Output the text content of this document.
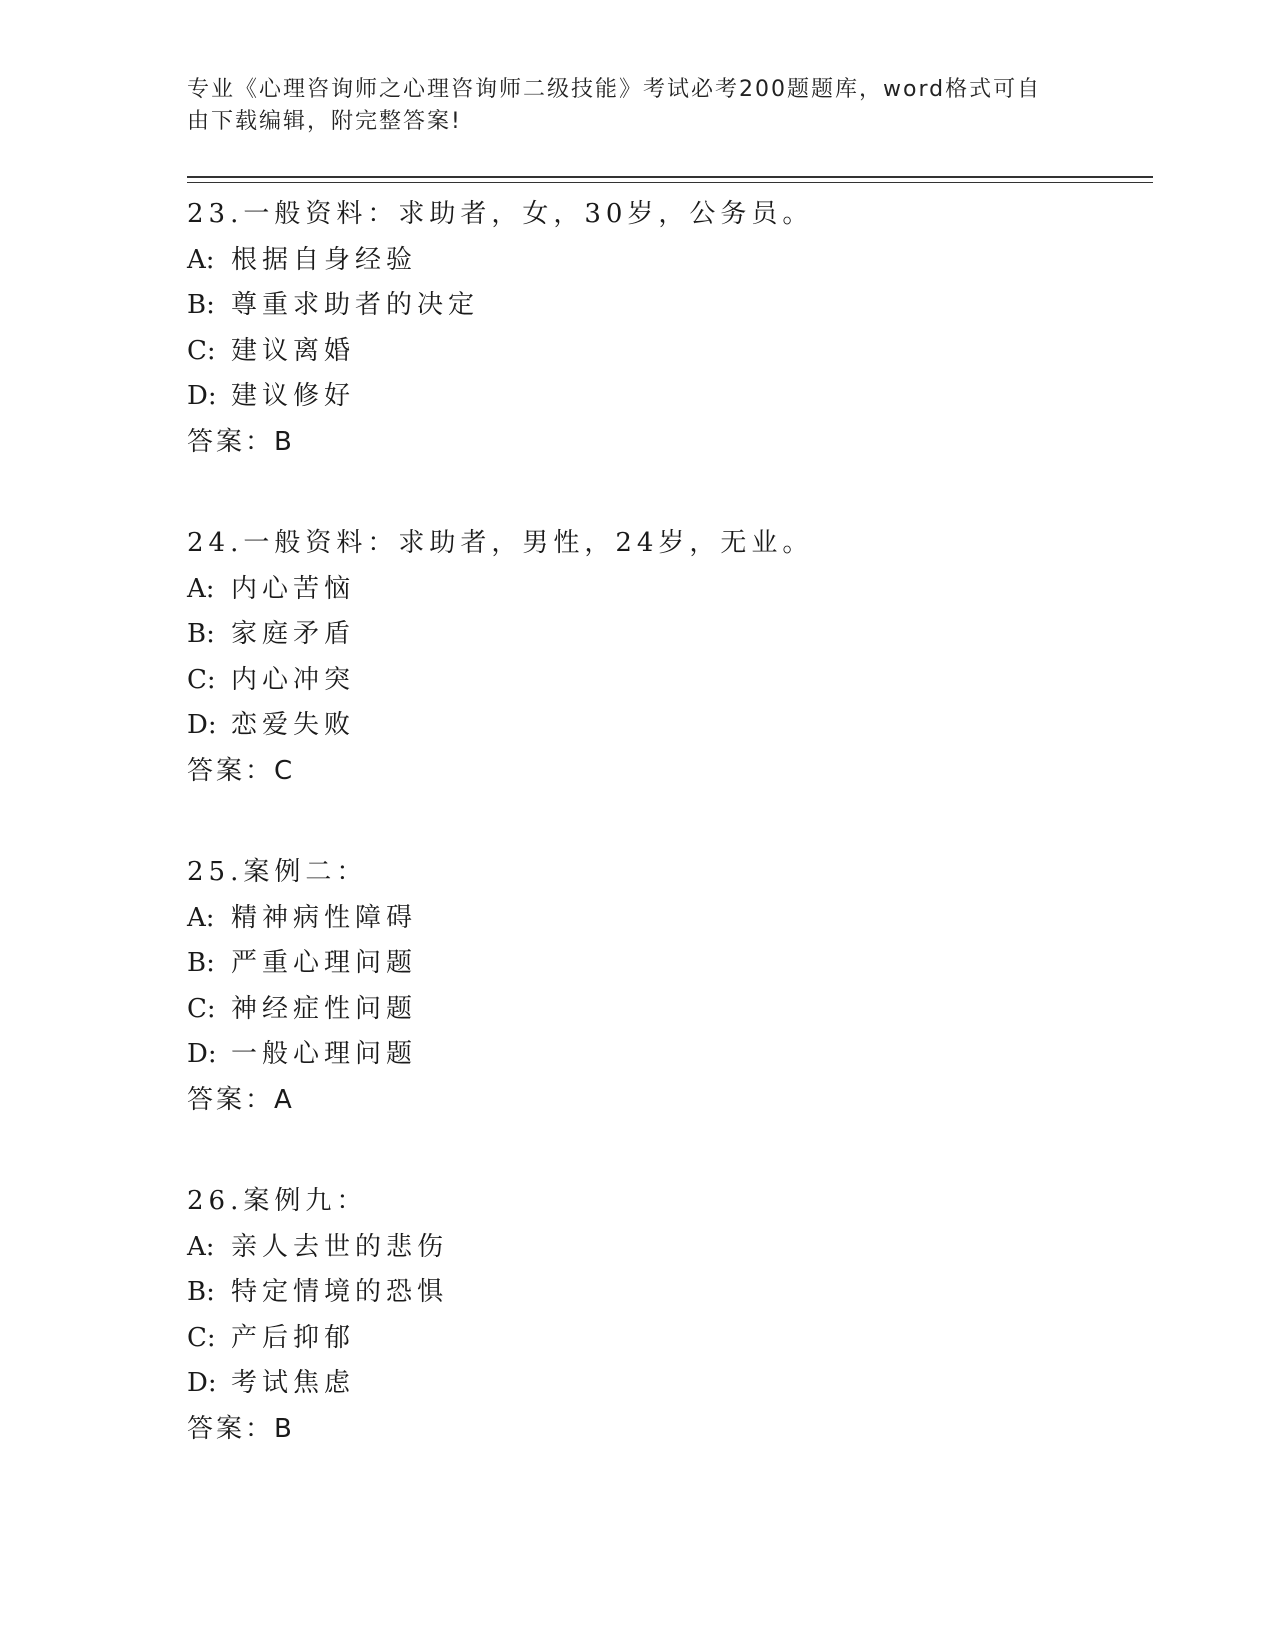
专业《心理咨询师之心理咨询师二级技能》考试必考200题题库，word格式可自
由下载编辑，附完整答案!
23.一般资料：求助者，女，30岁，公务员。
A: 根据自身经验
B: 尊重求助者的决定
C: 建议离婚
D: 建议修好
答案：B
24.一般资料：求助者，男性，24岁，无业。
A: 内心苦恼
B: 家庭矛盾
C: 内心冲突
D: 恋爱失败
答案：C
25.案例二：
A: 精神病性障碍
B: 严重心理问题
C: 神经症性问题
D: 一般心理问题
答案：A
26.案例九：
A: 亲人去世的悲伤
B: 特定情境的恐惧
C: 产后抑郁
D: 考试焦虑
答案：B
